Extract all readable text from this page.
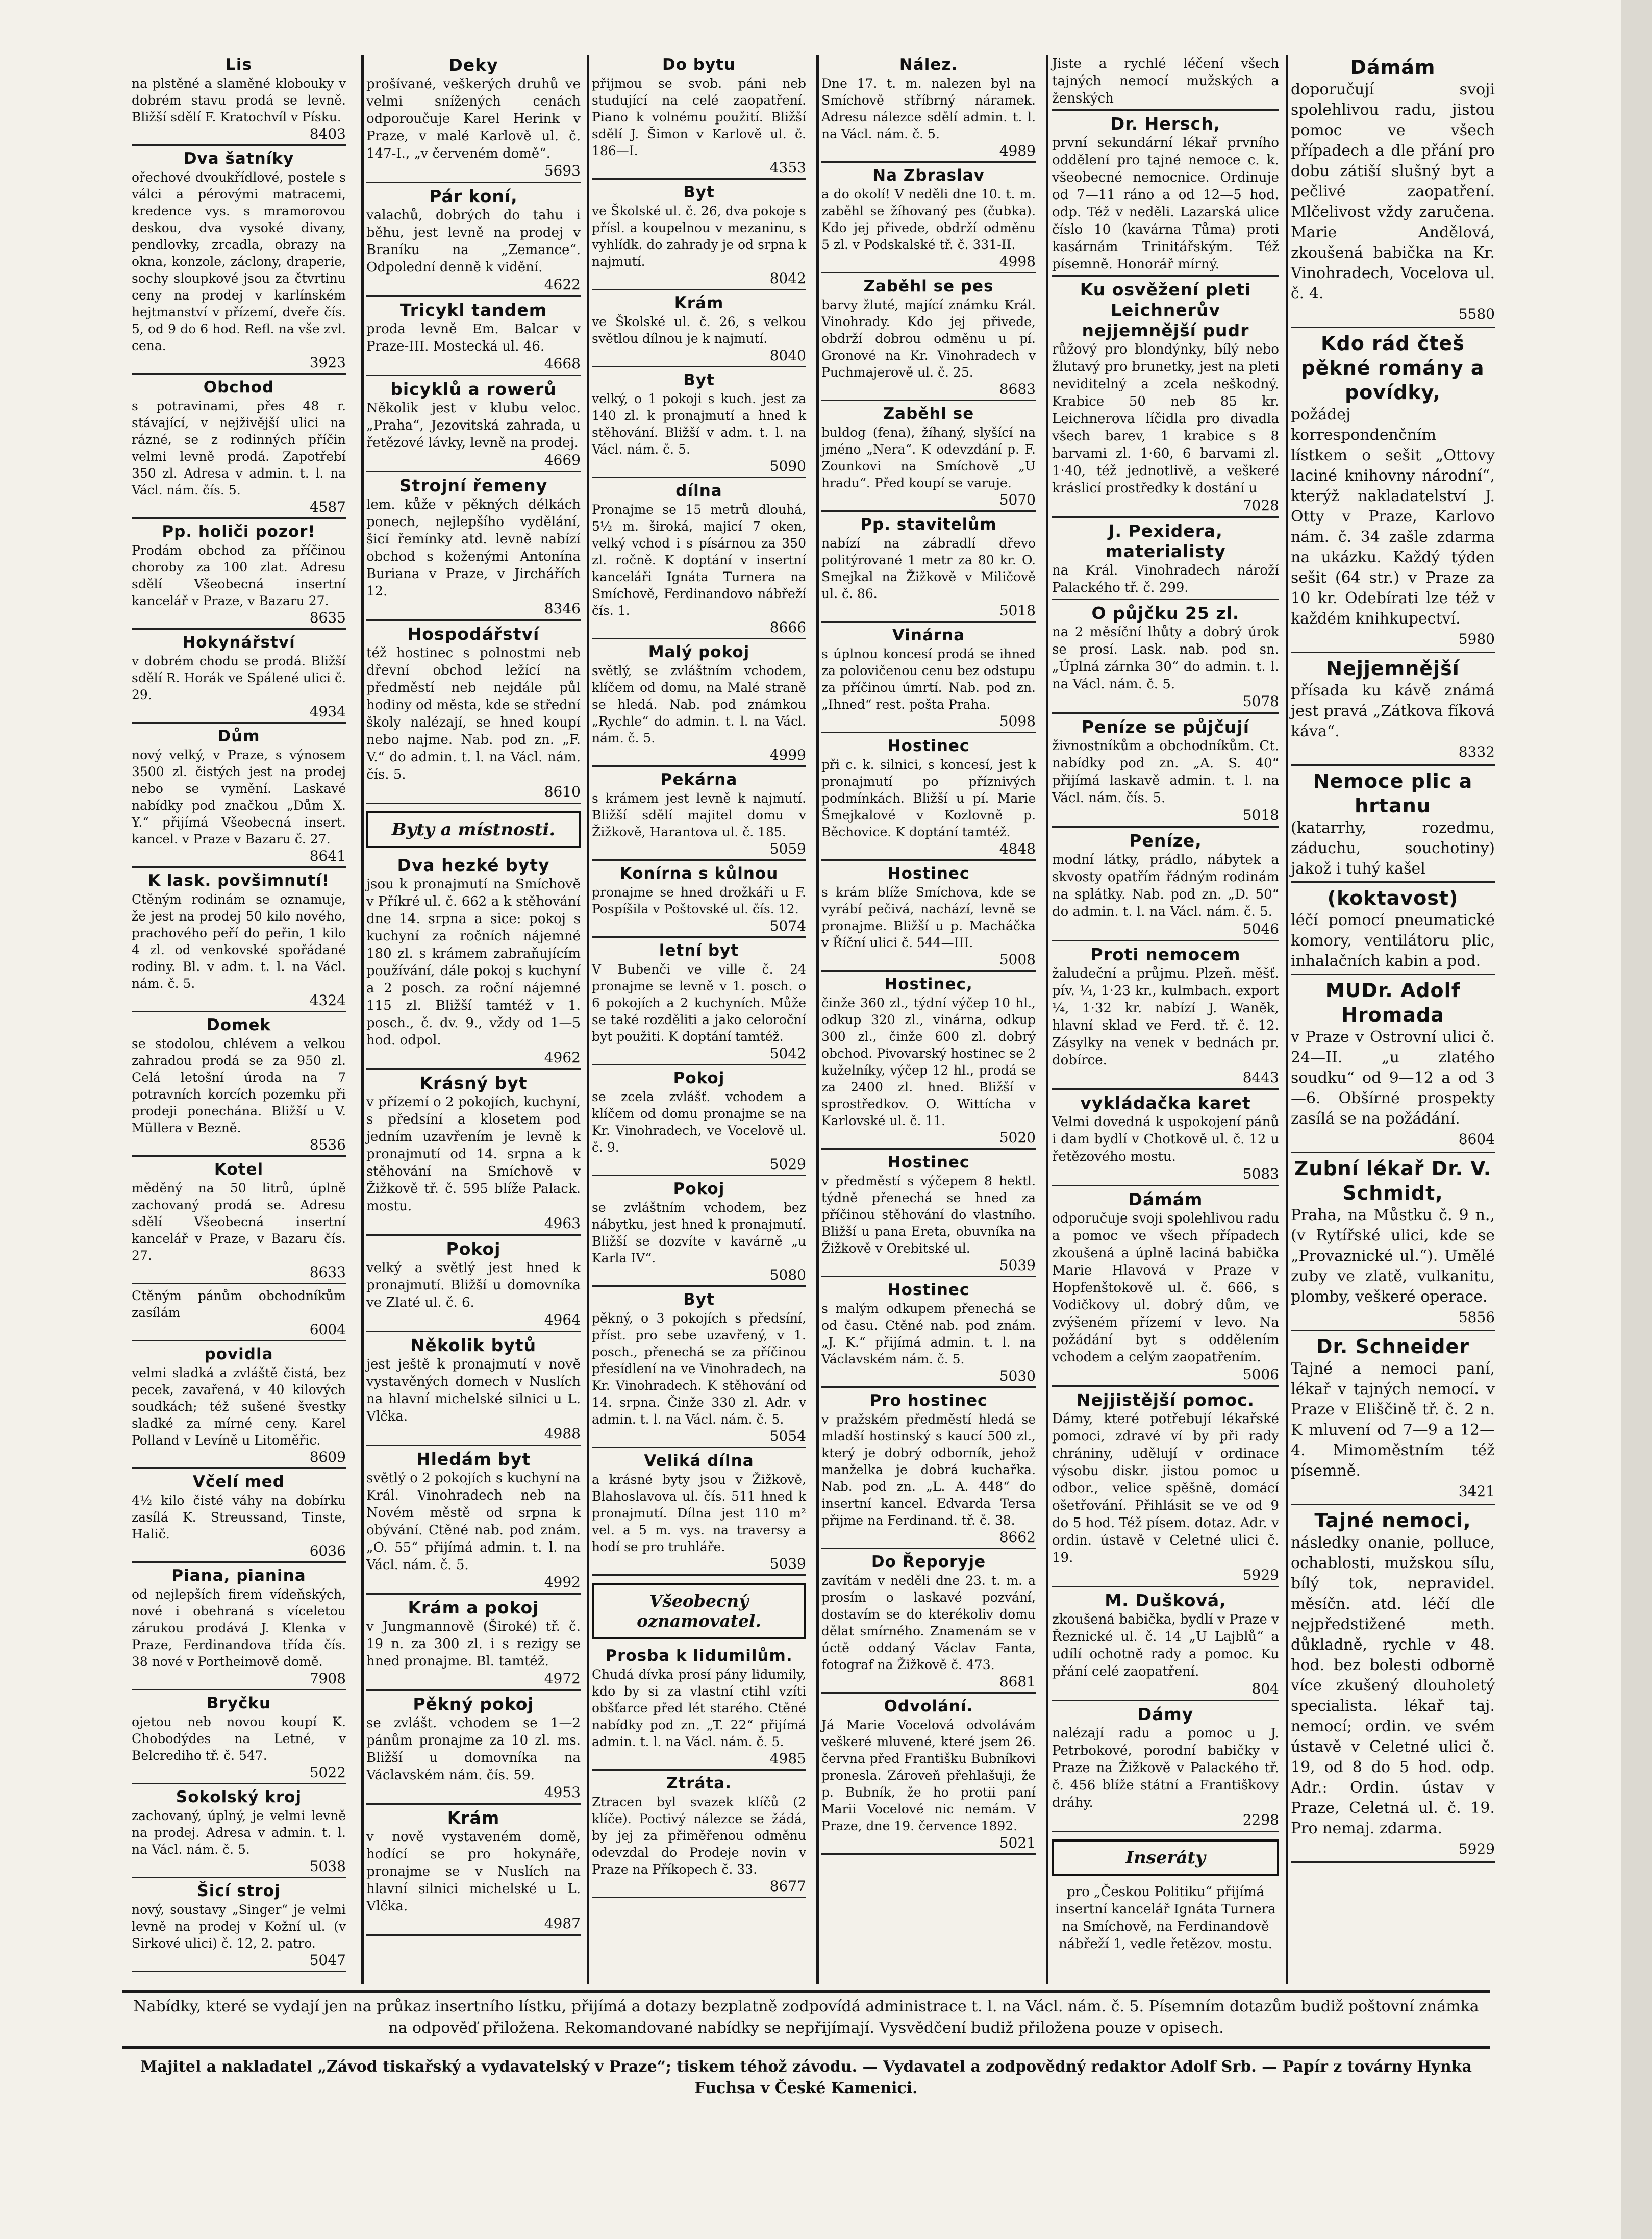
Lis
na plstěné a slaměné klobouky v dobrém stavu prodá se levně. Bližší sdělí F. Kratochvíl v Písku.
8403
Dva šatníky
ořechové dvoukřídlové, postele s válci a pérovými matracemi, kredence vys. s mramorovou deskou, dva vysoké divany, pendlovky, zrcadla, obrazy na okna, konzole, záclony, draperie, sochy sloupkové jsou za čtvrtinu ceny na prodej v karlínském hejtmanství v přízemí, dveře čís. 5, od 9 do 6 hod. Refl. na vše zvl. cena.
3923
Obchod
s potravinami, přes 48 r. stávající, v nejživější ulici na rázné, se z rodinných příčin velmi levně prodá. Zapotřebí 350 zl. Adresa v admin. t. l. na Václ. nám. čís. 5.
4587
Pp. holiči pozor!
Prodám obchod za příčinou choroby za 100 zlat. Adresu sdělí Všeobecná insertní kancelář v Praze, v Bazaru 27.
8635
Hokynářství
v dobrém chodu se prodá. Bližší sdělí R. Horák ve Spálené ulici č. 29.
4934
Dům
nový velký, v Praze, s výnosem 3500 zl. čistých jest na prodej nebo se vymění. Laskavé nabídky pod značkou „Dům X. Y.“ přijímá Všeobecná insert. kancel. v Praze v Bazaru č. 27.
8641
K lask. povšimnutí!
Ctěným rodinám se oznamuje, že jest na prodej 50 kilo nového, prachového peří do peřin, 1 kilo 4 zl. od venkovské spořádané rodiny. Bl. v adm. t. l. na Václ. nám. č. 5.
4324
Domek
se stodolou, chlévem a velkou zahradou prodá se za 950 zl. Celá letošní úroda na 7 potravních korcích pozemku při prodeji ponechána. Bližší u V. Müllera v Bezně.
8536
Kotel
měděný na 50 litrů, úplně zachovaný prodá se. Adresu sdělí Všeobecná insertní kancelář v Praze, v Bazaru čís. 27.
8633
Ctěným pánům obchodníkům zasílám
6004
povidla
velmi sladká a zvláště čistá, bez pecek, zavařená, v 40 kilových soudkách; též sušené švestky sladké za mírné ceny. Karel Polland v Levíně u Litoměřic.
8609
Včelí med
4½ kilo čisté váhy na dobírku zasílá K. Streussand, Tinste, Halič.
6036
Piana, pianina
od nejlepších firem vídeňských, nové i obehraná s víceletou zárukou prodává J. Klenka v Praze, Ferdinandova třída čís. 38 nové v Portheimově domě.
7908
Bryčku
ojetou neb novou koupí K. Chobodýdes na Letné, v Belcrediho tř. č. 547.
5022
Sokolský kroj
zachovaný, úplný, je velmi levně na prodej. Adresa v admin. t. l. na Václ. nám. č. 5.
5038
Šicí stroj
nový, soustavy „Singer“ je velmi levně na prodej v Kožní ul. (v Sirkové ulici) č. 12, 2. patro.
5047
Deky
prošívané, veškerých druhů ve velmi snížených cenách odporoučuje Karel Herink v Praze, v malé Karlově ul. č. 147-I., „v červeném domě“.
5693
Pár koní,
valachů, dobrých do tahu i běhu, jest levně na prodej v Braníku na „Zemance“. Odpolední denně k vidění.
4622
Tricykl tandem
proda levně Em. Balcar v Praze-III. Mostecká ul. 46.
4668
bicyklů a rowerů
Několik jest v klubu veloc. „Praha“, Jezovitská zahrada, u řetězové lávky, levně na prodej.
4669
Strojní řemeny
lem. kůže v pěkných délkách ponech, nejlepšího vydělání, šicí řemínky atd. levně nabízí obchod s koženými Antonína Buriana v Praze, v Jirchářích 12.
8346
Hospodářství
též hostinec s polnostmi neb dřevní obchod ležící na předměstí neb nejdále půl hodiny od města, kde se střední školy nalézají, se hned koupí nebo najme. Nab. pod zn. „F. V.“ do admin. t. l. na Václ. nám. čís. 5.
8610
Byty a místnosti.
Dva hezké byty
jsou k pronajmutí na Smíchově v Příkré ul. č. 662 a k stěhování dne 14. srpna a sice: pokoj s kuchyní za ročních nájemné 180 zl. s krámem zabraňujícím používání, dále pokoj s kuchyní a 2 posch. za roční nájemné 115 zl. Bližší tamtéž v 1. posch., č. dv. 9., vždy od 1—5 hod. odpol.
4962
Krásný byt
v přízemí o 2 pokojích, kuchyní, s předsíní a klosetem pod jedním uzavřením je levně k pronajmutí od 14. srpna a k stěhování na Smíchově v Žižkově tř. č. 595 blíže Palack. mostu.
4963
Pokoj
velký a světlý jest hned k pronajmutí. Bližší u domovníka ve Zlaté ul. č. 6.
4964
Několik bytů
jest ještě k pronajmutí v nově vystavěných domech v Nuslích na hlavní michelské silnici u L. Vlčka.
4988
Hledám byt
světlý o 2 pokojích s kuchyní na Král. Vinohradech neb na Novém městě od srpna k obývání. Ctěné nab. pod znám. „O. 55“ přijímá admin. t. l. na Václ. nám. č. 5.
4992
Krám a pokoj
v Jungmannově (Široké) tř. č. 19 n. za 300 zl. i s rezigy se hned pronajme. Bl. tamtéž.
4972
Pěkný pokoj
se zvlášt. vchodem se 1—2 pánům pronajme za 10 zl. ms. Bližší u domovníka na Václavském nám. čís. 59.
4953
Krám
v nově vystaveném domě, hodící se pro hokynáře, pronajme se v Nuslích na hlavní silnici michelské u L. Vlčka.
4987
Do bytu
přijmou se svob. páni neb studující na celé zaopatření. Piano k volnému použití. Bližší sdělí J. Šimon v Karlově ul. č. 186—I.
4353
Byt
ve Školské ul. č. 26, dva pokoje s přísl. a koupelnou v mezaninu, s vyhlídk. do zahrady je od srpna k najmutí.
8042
Krám
ve Školské ul. č. 26, s velkou světlou dílnou je k najmutí.
8040
Byt
velký, o 1 pokoji s kuch. jest za 140 zl. k pronajmutí a hned k stěhování. Bližší v adm. t. l. na Václ. nám. č. 5.
5090
dílna
Pronajme se 15 metrů dlouhá, 5½ m. široká, majicí 7 oken, velký vchod i s písárnou za 350 zl. ročně. K doptání v insertní kanceláři Ignáta Turnera na Smíchově, Ferdinandovo nábřeží čís. 1.
8666
Malý pokoj
světlý, se zvláštním vchodem, klíčem od domu, na Malé straně se hledá. Nab. pod známkou „Rychle“ do admin. t. l. na Václ. nám. č. 5.
4999
Pekárna
s krámem jest levně k najmutí. Bližší sdělí majitel domu v Žižkově, Harantova ul. č. 185.
5059
Konírna s kůlnou
pronajme se hned drožkáři u F. Pospíšila v Poštovské ul. čís. 12.
5074
letní byt
V Bubenči ve ville č. 24 pronajme se levně v 1. posch. o 6 pokojích a 2 kuchyních. Může se také rozděliti a jako celoroční byt použiti. K doptání tamtéž.
5042
Pokoj
se zcela zvlášť. vchodem a klíčem od domu pronajme se na Kr. Vinohradech, ve Vocelově ul. č. 9.
5029
Pokoj
se zvláštním vchodem, bez nábytku, jest hned k pronajmutí. Bližší se dozvíte v kavárně „u Karla IV“.
5080
Byt
pěkný, o 3 pokojích s předsíní, příst. pro sebe uzavřený, v 1. posch., přenechá se za příčinou přesídlení na ve Vinohradech, na Kr. Vinohradech. K stěhování od 14. srpna. Činže 330 zl. Adr. v admin. t. l. na Václ. nám. č. 5.
5054
Veliká dílna
a krásné byty jsou v Žižkově, Blahoslavova ul. čís. 511 hned k pronajmutí. Dílna jest 110 m² vel. a 5 m. vys. na traversy a hodí se pro truhláře.
5039
Všeobecný oznamovatel.
Prosba k lidumilům.
Chudá dívka prosí pány lidumily, kdo by si za vlastní ctihl vzíti obšťarce před lét starého. Ctěné nabídky pod zn. „T. 22“ přijímá admin. t. l. na Václ. nám. č. 5.
4985
Ztráta.
Ztracen byl svazek klíčů (2 klíče). Poctivý nálezce se žádá, by jej za přiměřenou odměnu odevzdal do Prodeje novin v Praze na Příkopech č. 33.
8677
Nález.
Dne 17. t. m. nalezen byl na Smíchově stříbrný náramek. Adresu nálezce sdělí admin. t. l. na Václ. nám. č. 5.
4989
Na Zbraslav
a do okolí! V neděli dne 10. t. m. zaběhl se žíhovaný pes (čubka). Kdo jej přivede, obdrží odměnu 5 zl. v Podskalské tř. č. 331-II.
4998
Zaběhl se pes
barvy žluté, mající známku Král. Vinohrady. Kdo jej přivede, obdrží dobrou odměnu u pí. Gronové na Kr. Vinohradech v Puchmajerově ul. č. 25.
8683
Zaběhl se
buldog (fena), žíhaný, slyšící na jméno „Nera“. K odevzdání p. F. Zounkovi na Smíchově „U hradu“. Před koupí se varuje.
5070
Pp. stavitelům
nabízí na zábradlí dřevo politýrované 1 metr za 80 kr. O. Smejkal na Žižkově v Miličově ul. č. 86.
5018
Vinárna
s úplnou koncesí prodá se ihned za polovičenou cenu bez odstupu za příčinou úmrtí. Nab. pod zn. „Ihned“ rest. pošta Praha.
5098
Hostinec
při c. k. silnici, s koncesí, jest k pronajmutí po příznivých podmínkách. Bližší u pí. Marie Šmejkalové v Kozlovně p. Běchovice. K doptání tamtéž.
4848
Hostinec
s krám blíže Smíchova, kde se vyrábí pečivá, nachází, levně se pronajme. Bližší u p. Macháčka v Říční ulici č. 544—III.
5008
Hostinec,
činže 360 zl., týdní výčep 10 hl., odkup 320 zl., vinárna, odkup 300 zl., činže 600 zl. dobrý obchod. Pivovarský hostinec se 2 kuželníky, výčep 12 hl., prodá se za 2400 zl. hned. Bližší v sprostředkov. O. Wittícha v Karlovské ul. č. 11.
5020
Hostinec
v předměstí s výčepem 8 hektl. týdně přenechá se hned za příčinou stěhování do vlastního. Bližší u pana Ereta, obuvníka na Žižkově v Orebitské ul.
5039
Hostinec
s malým odkupem přenechá se od času. Ctěné nab. pod znám. „J. K.“ přijímá admin. t. l. na Václavském nám. č. 5.
5030
Pro hostinec
v pražském předměstí hledá se mladší hostinský s kaucí 500 zl., který je dobrý odborník, jehož manželka je dobrá kuchařka. Nab. pod zn. „L. A. 448“ do insertní kancel. Edvarda Tersa přijme na Ferdinand. tř. č. 38.
8662
Do Řeporyje
zavítám v neděli dne 23. t. m. a prosím o laskavé pozvání, dostavím se do kterékoliv domu dělat smírného. Znamenám se v úctě oddaný Václav Fanta, fotograf na Žižkově č. 473.
8681
Odvolání.
Já Marie Vocelová odvolávám veškeré mluvené, které jsem 26. června před Františku Bubníkovi pronesla. Zároveň přehlašuji, že p. Bubník, že ho protii paní Marii Vocelové nic nemám. V Praze, dne 19. července 1892.
5021
Jiste a rychlé léčení všech tajných nemocí mužských a ženských
Dr. Hersch,
první sekundární lékař prvního oddělení pro tajné nemoce c. k. všeobecné nemocnice. Ordinuje od 7—11 ráno a od 12—5 hod. odp. Též v neděli. Lazarská ulice číslo 10 (kavárna Tůma) proti kasárnám Trinitářským. Též písemně. Honorář mírný.
Ku osvěžení pleti Leichnerův nejjemnější pudr
růžový pro blondýnky, bílý nebo žlutavý pro brunetky, jest na pleti neviditelný a zcela neškodný. Krabice 50 neb 85 kr. Leichnerova líčidla pro divadla všech barev, 1 krabice s 8 barvami zl. 1·60, 6 barvami zl. 1·40, též jednotlivě, a veškeré kráslicí prostředky k dostání u
7028
J. Pexidera, materialisty
na Král. Vinohradech nároží Palackého tř. č. 299.
O půjčku 25 zl.
na 2 měsíční lhůty a dobrý úrok se prosí. Lask. nab. pod sn. „Úplná zárnka 30“ do admin. t. l. na Václ. nám. č. 5.
5078
Peníze se půjčují
živnostníkům a obchodníkům. Ct. nabídky pod zn. „A. S. 40“ přijímá laskavě admin. t. l. na Václ. nám. čís. 5.
5018
Peníze,
modní látky, prádlo, nábytek a skvosty opatřím řádným rodinám na splátky. Nab. pod zn. „D. 50“ do admin. t. l. na Václ. nám. č. 5.
5046
Proti nemocem
žaludeční a průjmu. Plzeň. měšť. pív. ¼, 1·23 kr., kulmbach. export ¼, 1·32 kr. nabízí J. Waněk, hlavní sklad ve Ferd. tř. č. 12. Zásylky na venek v bednách pr. dobírce.
8443
vykládačka karet
Velmi dovedná k uspokojení pánů i dam bydlí v Chotkově ul. č. 12 u řetězového mostu.
5083
Dámám
odporučuje svoji spolehlivou radu a pomoc ve všech případech zkoušená a úplně laciná babička Marie Hlavová v Praze v Hopfenštokově ul. č. 666, s Vodičkovy ul. dobrý dům, ve zvýšeném přízemí v levo. Na požádání byt s oddělením vchodem a celým zaopatřením.
5006
Nejjistější pomoc.
Dámy, které potřebují lékařské pomoci, zdravé ví by při rady chrániny, udělují v ordinace výsobu diskr. jistou pomoc u odbor., velice spěšně, domácí ošetřování. Přihlásit se ve od 9 do 5 hod. Též písem. dotaz. Adr. v ordin. ústavě v Celetné ulici č. 19.
5929
M. Dušková,
zkoušená babička, bydlí v Praze v Řeznické ul. č. 14 „U Lajblů“ a udílí ochotně rady a pomoc. Ku přání celé zaopatření.
804
Dámy
nalézají radu a pomoc u J. Petrbokové, porodní babičky v Praze na Žižkově v Palackého tř. č. 456 blíže státní a Františkovy dráhy.
2298
Inseráty
pro „Českou Politiku“ přijímá insertní kancelář Ignáta Turnera na Smíchově, na Ferdinandově nábřeží 1, vedle řetězov. mostu.
Dámám
doporučují svoji spolehlivou radu, jistou pomoc ve všech případech a dle přání pro dobu zátiší slušný byt a pečlivé zaopatření. Mlčelivost vždy zaručena. Marie Andělová, zkoušená babička na Kr. Vinohradech, Vocelova ul. č. 4.
5580
Kdo rád čteš pěkné romány a povídky,
požádej korrespondenčním lístkem o sešit „Ottovy laciné knihovny národní“, kterýž nakladatelství J. Otty v Praze, Karlovo nám. č. 34 zašle zdarma na ukázku. Každý týden sešit (64 str.) v Praze za 10 kr. Odebírati lze též v každém knihkupectví.
5980
Nejjemnější
přísada ku kávě známá jest pravá „Zátkova fíková káva“.
8332
Nemoce plic a hrtanu
(katarrhy, rozedmu, záduchu, souchotiny) jakož i tuhý kašel
(koktavost)
léčí pomocí pneumatické komory, ventilátoru plic, inhalačních kabin a pod.
MUDr. Adolf Hromada
v Praze v Ostrovní ulici č. 24—II. „u zlatého soudku“ od 9—12 a od 3—6. Obšírné prospekty zasílá se na požádání.
8604
Zubní lékař Dr. V. Schmidt,
Praha, na Můstku č. 9 n., (v Rytířské ulici, kde se „Provaznické ul.“). Umělé zuby ve zlatě, vulkanitu, plomby, veškeré operace.
5856
Dr. Schneider
Tajné a nemoci paní, lékař v tajných nemocí. v Praze v Eliščině tř. č. 2 n. K mluvení od 7—9 a 12—4. Mimoměstním též písemně.
3421
Tajné nemoci,
následky onanie, polluce, ochablosti, mužskou sílu, bílý tok, nepravidel. měsíčn. atd. léčí dle nejpředstižené meth. důkladně, rychle v 48. hod. bez bolesti odborně více zkušený dlouholetý specialista. lékař taj. nemocí; ordin. ve svém ústavě v Celetné ulici č. 19, od 8 do 5 hod. odp. Adr.: Ordin. ústav v Praze, Celetná ul. č. 19. Pro nemaj. zdarma.
5929
Nabídky, které se vydají jen na průkaz insertního lístku, přijímá a dotazy bezplatně zodpovídá administrace t. l. na Václ. nám. č. 5. Písemním dotazům budiž poštovní známka na odpověď přiložena. Rekomandované nabídky se nepřijímají. Vysvědčení budiž přiložena pouze v opisech.
Majitel a nakladatel „Závod tiskařský a vydavatelský v Praze“; tiskem téhož závodu. — Vydavatel a zodpovědný redaktor Adolf Srb. — Papír z továrny Hynka Fuchsa v České Kamenici.
